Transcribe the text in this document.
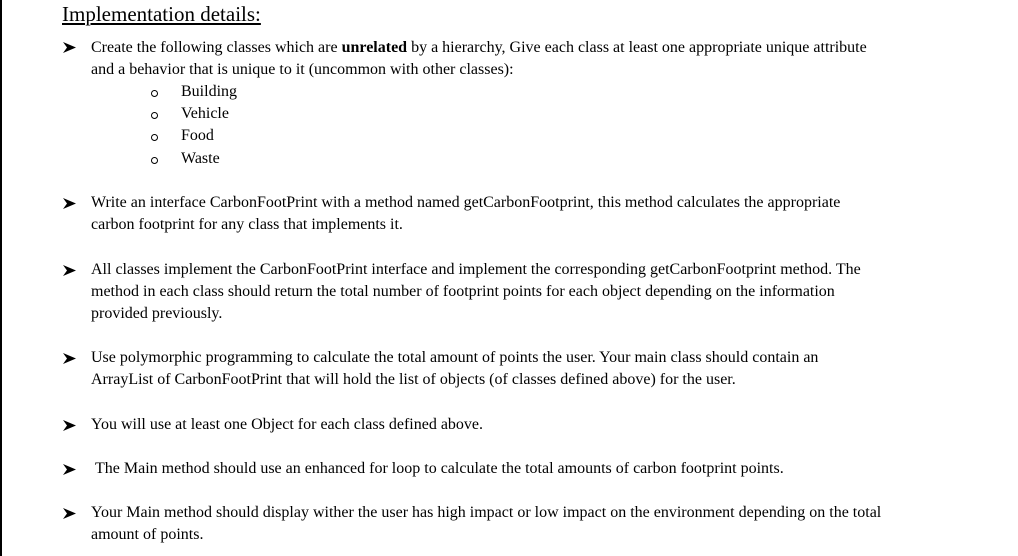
Implementation details:
Create the following classes which are unrelated by a hierarchy, Give each class at least one appropriate unique attribute
and a behavior that is unique to it (uncommon with other classes):
Building
Vehicle
Food
Waste
Write an interface CarbonFootPrint with a method named getCarbonFootprint, this method calculates the appropriate
carbon footprint for any class that implements it.
All classes implement the CarbonFootPrint interface and implement the corresponding getCarbonFootprint method. The
method in each class should return the total number of footprint points for each object depending on the information
provided previously.
Use polymorphic programming to calculate the total amount of points the user. Your main class should contain an
ArrayList of CarbonFootPrint that will hold the list of objects (of classes defined above) for the user.
You will use at least one Object for each class defined above.
The Main method should use an enhanced for loop to calculate the total amounts of carbon footprint points.
Your Main method should display wither the user has high impact or low impact on the environment depending on the total
amount of points.
